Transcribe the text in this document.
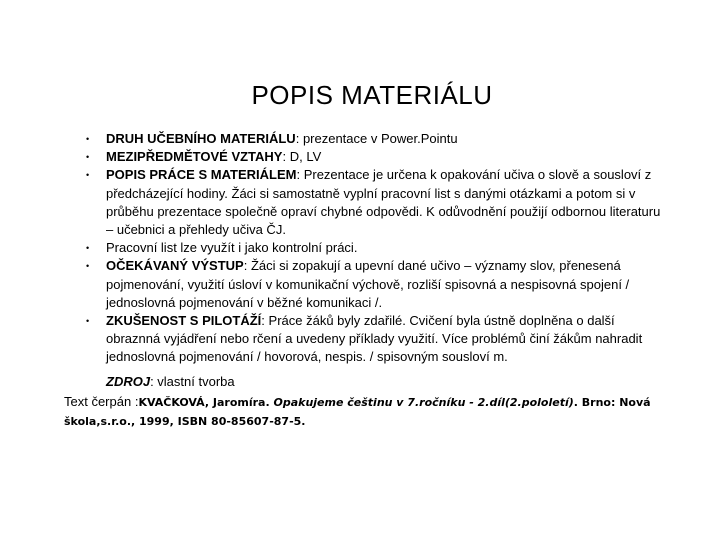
POPIS MATERIÁLU
• DRUH UČEBNÍHO MATERIÁLU: prezentace v Power.Pointu
• MEZIPŘEDMĚTOVÉ VZTAHY: D, LV
• POPIS PRÁCE S MATERIÁLEM: Prezentace je určena k opakování učiva o slově a sousloví z předcházející hodiny. Žáci si samostatně vyplní pracovní list s danými otázkami a potom si v průběhu prezentace společně opraví chybné odpovědi. K odůvodnění použijí odbornou literaturu – učebnici a přehledy učiva ČJ.
• Pracovní list lze využít i jako kontrolní práci.
• OČEKÁVANÝ VÝSTUP: Žáci si zopakují a upevní dané učivo – významy slov, přenesená pojmenování, využití úsloví v komunikační výchově, rozliší spisovná a nespisovná spojení / jednoslovná pojmenování v běžné komunikaci /.
• ZKUŠENOST S PILOTÁŽÍ: Práce žáků byly zdařilé. Cvičení byla ústně doplněna o další obraznná vyjádření nebo rčení a uvedeny příklady využití. Více problémů činí žákům nahradit jednoslovná pojmenování / hovorová, nespis. / spisovným sousloví m.
ZDROJ: vlastní tvorba
Text čerpán :KVAČKOVÁ, Jaromíra. Opakujeme češtinu v 7.ročníku - 2.díl(2.pololetí). Brno: Nová škola,s.r.o., 1999, ISBN 80-85607-87-5.
